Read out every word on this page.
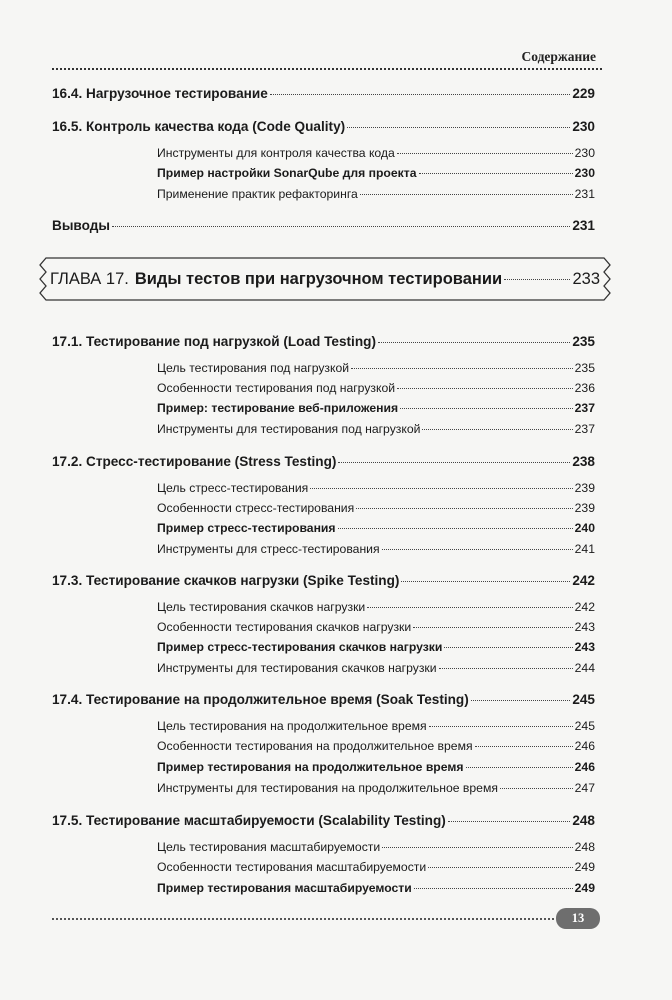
Содержание
16.4. Нагрузочное тестирование	229
16.5. Контроль качества кода (Code Quality)	230
Инструменты для контроля качества кода	230
Пример настройки SonarQube для проекта	230
Применение практик рефакторинга	231
Выводы	231
ГЛАВА 17. Виды тестов при нагрузочном тестировании	233
17.1. Тестирование под нагрузкой (Load Testing)	235
Цель тестирования под нагрузкой	235
Особенности тестирования под нагрузкой	236
Пример: тестирование веб-приложения	237
Инструменты для тестирования под нагрузкой	237
17.2. Стресс-тестирование (Stress Testing)	238
Цель стресс-тестирования	239
Особенности стресс-тестирования	239
Пример стресс-тестирования	240
Инструменты для стресс-тестирования	241
17.3. Тестирование скачков нагрузки (Spike Testing)	242
Цель тестирования скачков нагрузки	242
Особенности тестирования скачков нагрузки	243
Пример стресс-тестирования скачков нагрузки	243
Инструменты для тестирования скачков нагрузки	244
17.4. Тестирование на продолжительное время (Soak Testing)	245
Цель тестирования на продолжительное время	245
Особенности тестирования на продолжительное время	246
Пример тестирования на продолжительное время	246
Инструменты для тестирования на продолжительное время	247
17.5. Тестирование масштабируемости (Scalability Testing)	248
Цель тестирования масштабируемости	248
Особенности тестирования масштабируемости	249
Пример тестирования масштабируемости	249
13
